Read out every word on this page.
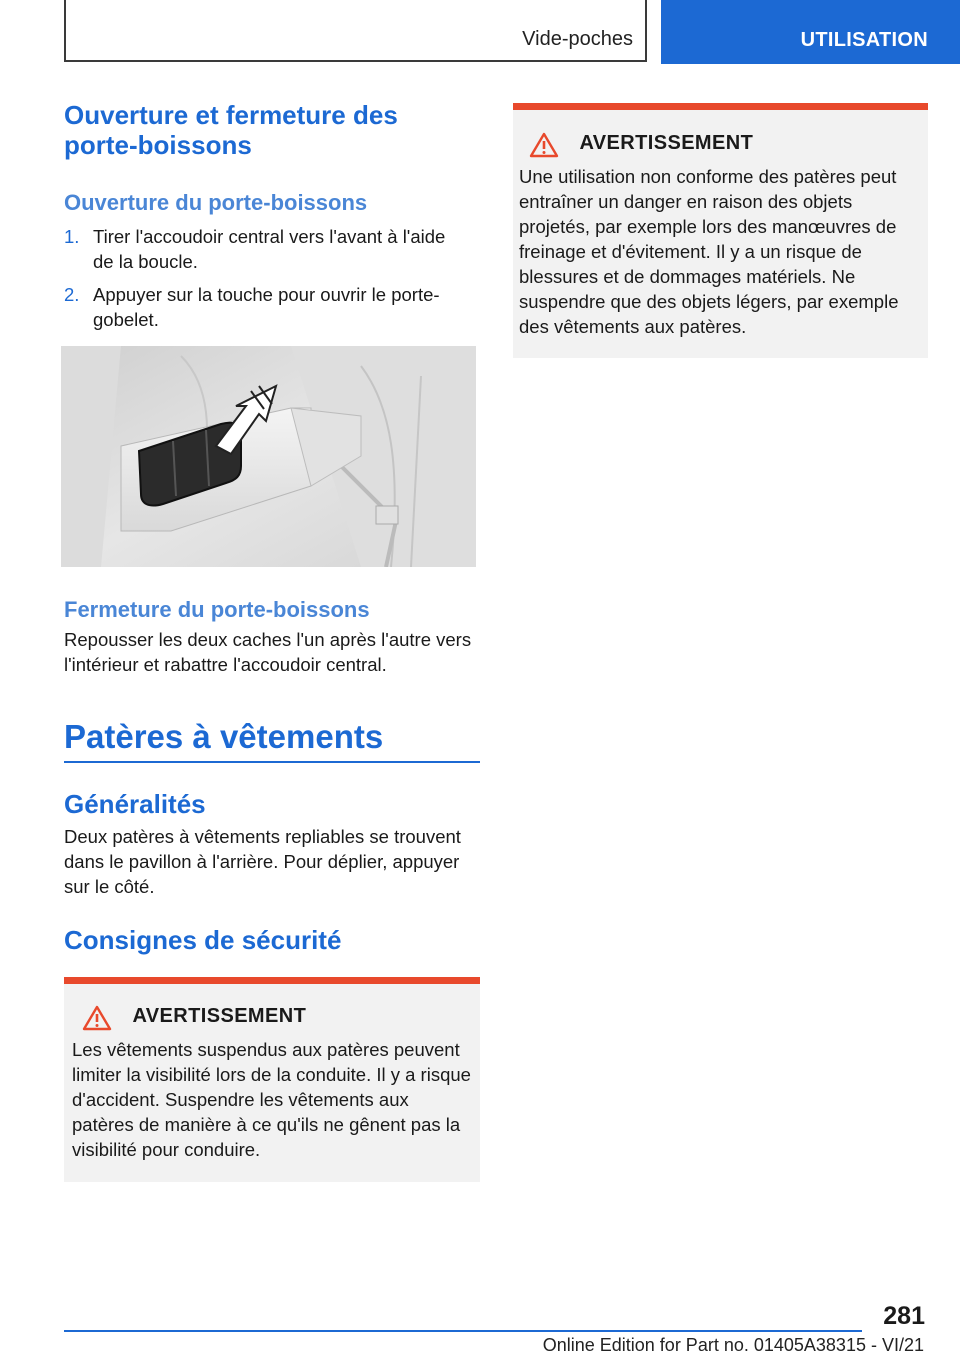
Vide-poches	UTILISATION
Ouverture et fermeture des porte-boissons
Ouverture du porte-boissons
1. Tirer l'accoudoir central vers l'avant à l'aide de la boucle.
2. Appuyer sur la touche pour ouvrir le porte-gobelet.
Fermeture du porte-boissons

Repousser les deux caches l'un après l'autre vers l'intérieur et rabattre l'accoudoir central.

Patères à vêtements
Généralités

Deux patères à vêtements repliables se trouvent dans le pavillon à l'arrière. Pour déplier, appuyer sur le côté.

Consignes de sécurité
AVERTISSEMENT

Les vêtements suspendus aux patères peuvent limiter la visibilité lors de la conduite. Il y a risque d'accident. Suspendre les vêtements aux patères de manière à ce qu'ils ne gênent pas la visibilité pour conduire.

AVERTISSEMENT

Une utilisation non conforme des patères peut entraîner un danger en raison des objets projetés, par exemple lors des manœuvres de freinage et d'évitement. Il y a un risque de blessures et de dommages matériels. Ne suspendre que des objets légers, par exemple des vêtements aux patères.

281
Online Edition for Part no. 01405A38315 - VI/21
